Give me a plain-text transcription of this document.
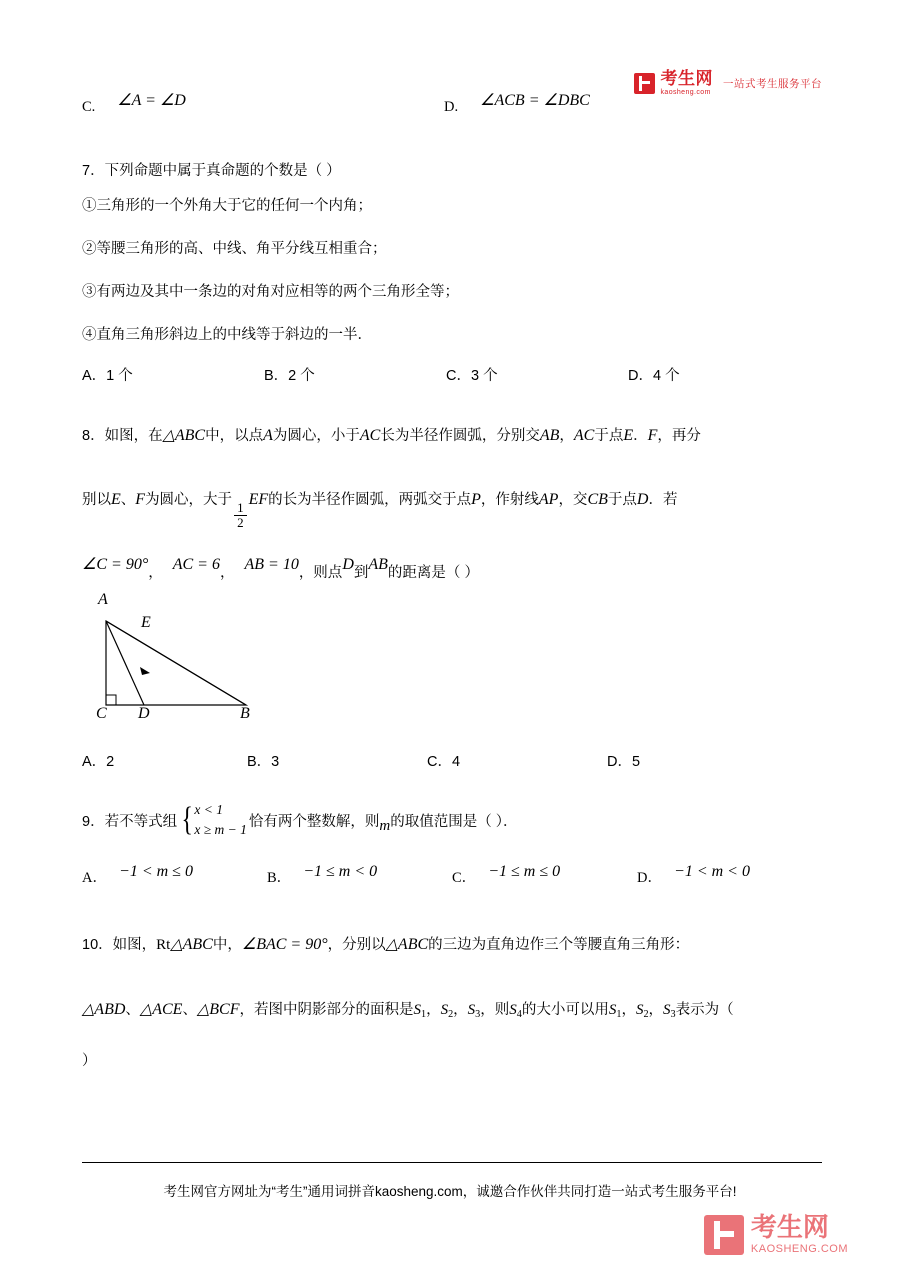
考生网
kaosheng.com
一站式考生服务平台
C. ∠A = ∠D	D. ∠ACB = ∠DBC
7．下列命题中属于真命题的个数是（ ）
①三角形的一个外角大于它的任何一个内角；
②等腰三角形的高、中线、角平分线互相重合；
③有两边及其中一条边的对角对应相等的两个三角形全等；
④直角三角形斜边上的中线等于斜边的一半．
A．1 个	B．2 个	C．3 个	D．4 个
8．如图，在△ABC中，以点A为圆心，小于AC长为半径作圆弧，分别交AB，AC于点E．F，再分
别以E、F为圆心，大于
$\frac{1}{2}$
EF的长为半径作圆弧，两弧交于点P，作射线AP，交CB于点D．若
∠C = 90°， AC = 6， AB = 10，则点D到AB的距离是（ ）
A
E
C D	B
A．2	B．3	C．4	D．5
9．若不等式组 { x < 1
x ≥ m − 1 恰有两个整数解，则m的取值范围是（ ）．
A． −1 < m ≤ 0	B． −1 ≤ m < 0	C． −1 ≤ m ≤ 0	D． −1 < m < 0
10．如图，Rt△ABC中，∠BAC = 90°，分别以△ABC的三边为直角边作三个等腰直角三角形：
△ABD、△ACE、△BCF，若图中阴影部分的面积是$S_1$，$S_2$，$S_3$，则$S_4$的大小可以用$S_1$，$S_2$，$S_3$表示为（
）
考生网官方网址为“考生”通用词拼音kaosheng.com，诚邀合作伙伴共同打造一站式考生服务平台!
考生网
KAOSHENG.COM
